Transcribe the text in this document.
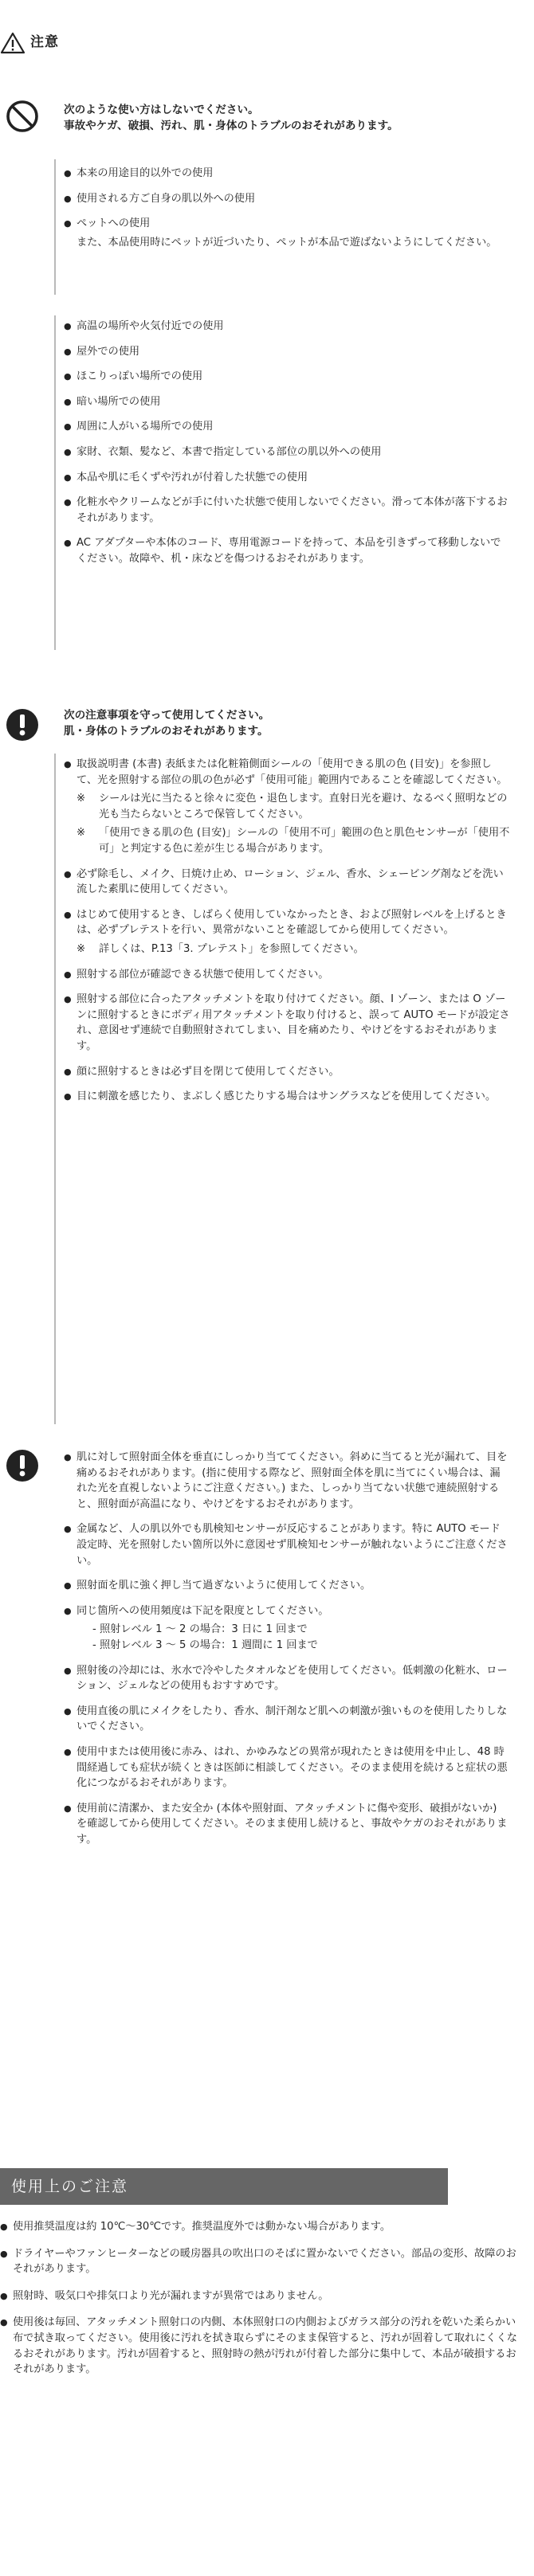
注意
次のような使い方はしないでください。
事故やケガ、破損、汚れ、肌・身体のトラブルのおそれがあります。
● 本来の用途目的以外での使用
● 使用される方ご自身の肌以外への使用
● ペットへの使用
また、本品使用時にペットが近づいたり、ペットが本品で遊ばないようにしてください。
● 高温の場所や火気付近での使用
● 屋外での使用
● ほこりっぽい場所での使用
● 暗い場所での使用
● 周囲に人がいる場所での使用
● 家財、衣類、髪など、本書で指定している部位の肌以外への使用
● 本品や肌に毛くずや汚れが付着した状態での使用
● 化粧水やクリームなどが手に付いた状態で使用しないでください。滑って本体が落下するおそれがあります。
● AC アダプターや本体のコード、専用電源コードを持って、本品を引きずって移動しないでください。故障や、机・床などを傷つけるおそれがあります。
次の注意事項を守って使用してください。
肌・身体のトラブルのおそれがあります。
● 取扱説明書 (本書) 表紙または化粧箱側面シールの「使用できる肌の色 (目安)」を参照して、光を照射する部位の肌の色が必ず「使用可能」範囲内であることを確認してください。
※ シールは光に当たると徐々に変色・退色します。直射日光を避け、なるべく照明などの光も当たらないところで保管してください。
※ 「使用できる肌の色 (目安)」シールの「使用不可」範囲の色と肌色センサーが「使用不可」と判定する色に差が生じる場合があります。
● 必ず除毛し、メイク、日焼け止め、ローション、ジェル、香水、シェービング剤などを洗い流した素肌に使用してください。
● はじめて使用するとき、しばらく使用していなかったとき、および照射レベルを上げるときは、必ずプレテストを行い、異常がないことを確認してから使用してください。
※ 詳しくは、P.13「3. プレテスト」を参照してください。
● 照射する部位が確認できる状態で使用してください。
● 照射する部位に合ったアタッチメントを取り付けてください。顔、I ゾーン、または O ゾーンに照射するときにボディ用アタッチメントを取り付けると、誤って AUTO モードが設定され、意図せず連続で自動照射されてしまい、目を痛めたり、やけどをするおそれがあります。
● 顔に照射するときは必ず目を閉じて使用してください。
● 目に刺激を感じたり、まぶしく感じたりする場合はサングラスなどを使用してください。
● 肌に対して照射面全体を垂直にしっかり当ててください。斜めに当てると光が漏れて、目を痛めるおそれがあります。(指に使用する際など、照射面全体を肌に当てにくい場合は、漏れた光を直視しないようにご注意ください。) また、しっかり当てない状態で連続照射すると、照射面が高温になり、やけどをするおそれがあります。
● 金属など、人の肌以外でも肌検知センサーが反応することがあります。特に AUTO モード設定時、光を照射したい箇所以外に意図せず肌検知センサーが触れないようにご注意ください。
● 照射面を肌に強く押し当て過ぎないように使用してください。
● 同じ箇所への使用頻度は下記を限度としてください。
- 照射レベル 1 ～ 2 の場合：3 日に 1 回まで
- 照射レベル 3 ～ 5 の場合：1 週間に 1 回まで
● 照射後の冷却には、氷水で冷やしたタオルなどを使用してください。低刺激の化粧水、ローション、ジェルなどの使用もおすすめです。
● 使用直後の肌にメイクをしたり、香水、制汗剤など肌への刺激が強いものを使用したりしないでください。
● 使用中または使用後に赤み、はれ、かゆみなどの異常が現れたときは使用を中止し、48 時間経過しても症状が続くときは医師に相談してください。そのまま使用を続けると症状の悪化につながるおそれがあります。
● 使用前に清潔か、また安全か (本体や照射面、アタッチメントに傷や変形、破損がないか) を確認してから使用してください。そのまま使用し続けると、事故やケガのおそれがあります。
使用上のご注意
● 使用推奨温度は約 10℃～30℃です。推奨温度外では動かない場合があります。
● ドライヤーやファンヒーターなどの暖房器具の吹出口のそばに置かないでください。部品の変形、故障のおそれがあります。
● 照射時、吸気口や排気口より光が漏れますが異常ではありません。
● 使用後は毎回、アタッチメント照射口の内側、本体照射口の内側およびガラス部分の汚れを乾いた柔らかい布で拭き取ってください。使用後に汚れを拭き取らずにそのまま保管すると、汚れが固着して取れにくくなるおそれがあります。汚れが固着すると、照射時の熱が汚れが付着した部分に集中して、本品が破損するおそれがあります。
